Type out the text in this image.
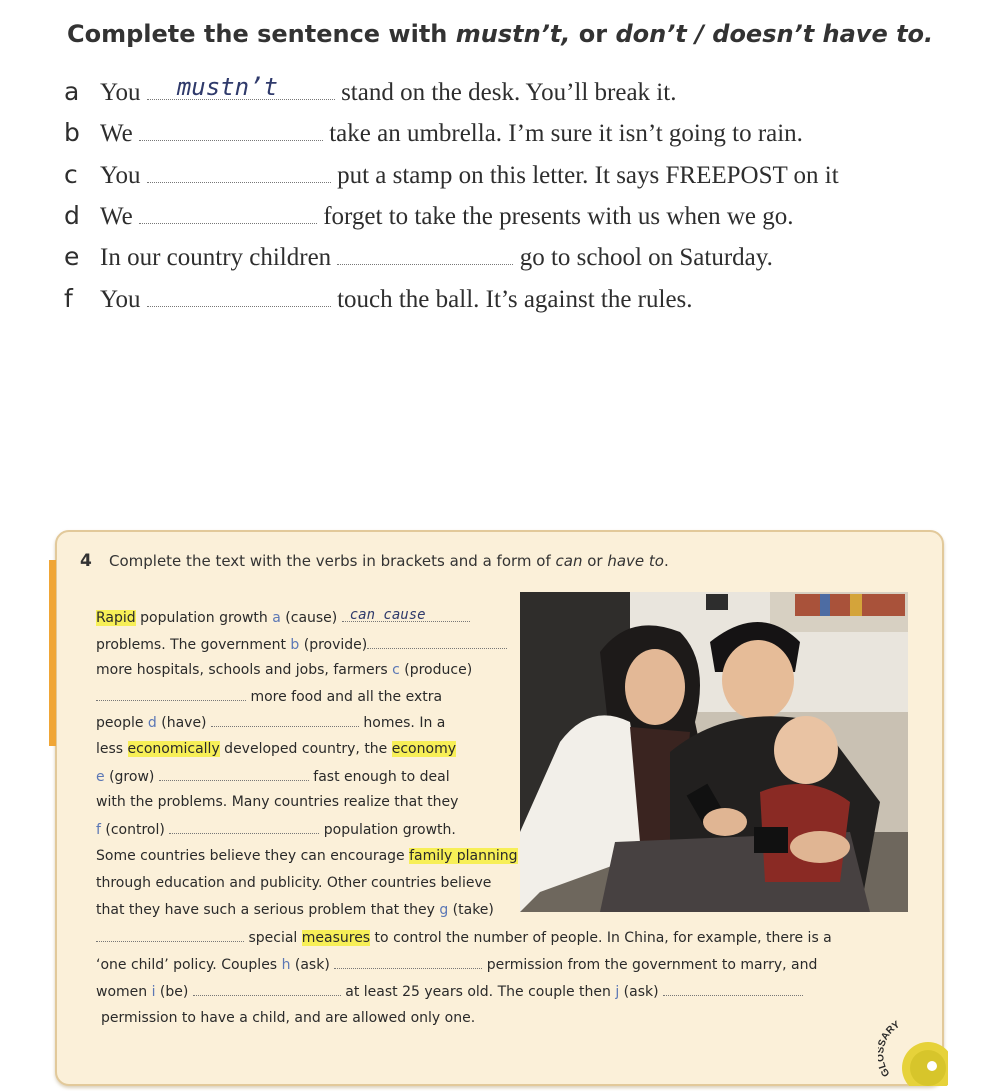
Complete the sentence with mustn’t, or don’t / doesn’t have to.
a You mustn’t	stand on the desk. You’ll break it.
b We	take an umbrella. I’m sure it isn’t going to rain.
c You	put a stamp on this letter. It says FREEPOST on it
d We	forget to take the presents with us when we go.
e In our country children	go to school on Saturday.
f You	touch the ball. It’s against the rules.
4 Complete the text with the verbs in brackets and a form of can or have to.
Rapid population growth a (cause) can cause
problems. The government b (provide)
more hospitals, schools and jobs, farmers c (produce)
more food and all the extra
people d (have)	homes. In a
less economically developed country, the economy
e (grow)	fast enough to deal
with the problems. Many countries realize that they
f (control)	population growth.
Some countries believe they can encourage family planning
through education and publicity. Other countries believe
that they have such a serious problem that they g (take)
special measures to control the number of people. In China, for example, there is a
‘one child’ policy. Couples h (ask)	permission from the government to marry, and
women i (be)	at least 25 years old. The couple then j (ask)
permission to have a child, and are allowed only one.
G ARY
